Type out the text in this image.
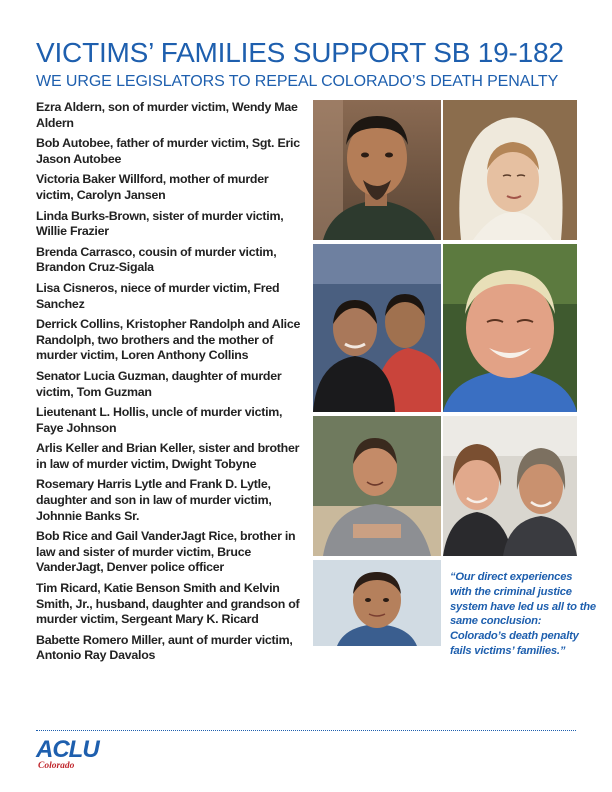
VICTIMS’ FAMILIES SUPPORT SB 19-182
WE URGE LEGISLATORS TO REPEAL COLORADO’S DEATH PENALTY
Ezra Aldern, son of murder victim, Wendy Mae Aldern
Bob Autobee, father of murder victim, Sgt. Eric Jason Autobee
Victoria Baker Willford, mother of murder victim, Carolyn Jansen
Linda Burks-Brown, sister of murder victim, Willie Frazier
Brenda Carrasco, cousin of murder victim, Brandon Cruz-Sigala
Lisa Cisneros, niece of murder victim, Fred Sanchez
Derrick Collins, Kristopher Randolph and Alice Randolph, two brothers and the mother of murder victim, Loren Anthony Collins
Senator Lucia Guzman, daughter of murder victim, Tom Guzman
Lieutenant L. Hollis, uncle of murder victim, Faye Johnson
Arlis Keller and Brian Keller, sister and brother in law of murder victim, Dwight Tobyne
Rosemary Harris Lytle and Frank D. Lytle, daughter and son in law of murder victim, Johnnie Banks Sr.
Bob Rice and Gail VanderJagt Rice, brother in law and sister of murder victim, Bruce VanderJagt, Denver police officer
Tim Ricard, Katie Benson Smith and Kelvin Smith, Jr., husband, daughter and grandson of murder victim, Sergeant Mary K. Ricard
Babette Romero Miller, aunt of murder victim, Antonio Ray Davalos
“Our direct experiences with the criminal justice system have led us all to the same conclusion: Colorado’s death penalty fails victims’ families.”
ACLU
Colorado
